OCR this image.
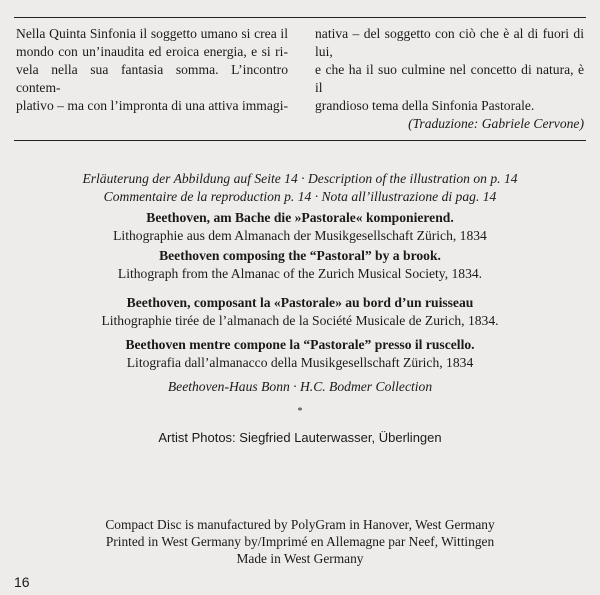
Nella Quinta Sinfonia il soggetto umano si crea il
mondo con un’inaudita ed eroica energia, e si ri-
vela nella sua fantasia somma. L’incontro contem-
plativo – ma con l’impronta di una attiva immagi-
nativa – del soggetto con ciò che è al di fuori di lui,
e che ha il suo culmine nel concetto di natura, è il
grandioso tema della Sinfonia Pastorale.
(Traduzione: Gabriele Cervone)
Erläuterung der Abbildung auf Seite 14 · Description of the illustration on p. 14
Commentaire de la reproduction p. 14 · Nota all’illustrazione di pag. 14
Beethoven, am Bache die »Pastorale« komponierend.
Lithographie aus dem Almanach der Musikgesellschaft Zürich, 1834
Beethoven composing the “Pastoral” by a brook.
Lithograph from the Almanac of the Zurich Musical Society, 1834.
Beethoven, composant la «Pastorale» au bord d’un ruisseau
Lithographie tirée de l’almanach de la Société Musicale de Zurich, 1834.
Beethoven mentre compone la “Pastorale” presso il ruscello.
Litografia dall’almanacco della Musikgesellschaft Zürich, 1834
Beethoven-Haus Bonn · H.C. Bodmer Collection
*
Artist Photos: Siegfried Lauterwasser, Überlingen
Compact Disc is manufactured by PolyGram in Hanover, West Germany
Printed in West Germany by/Imprimé en Allemagne par Neef, Wittingen
Made in West Germany
16
